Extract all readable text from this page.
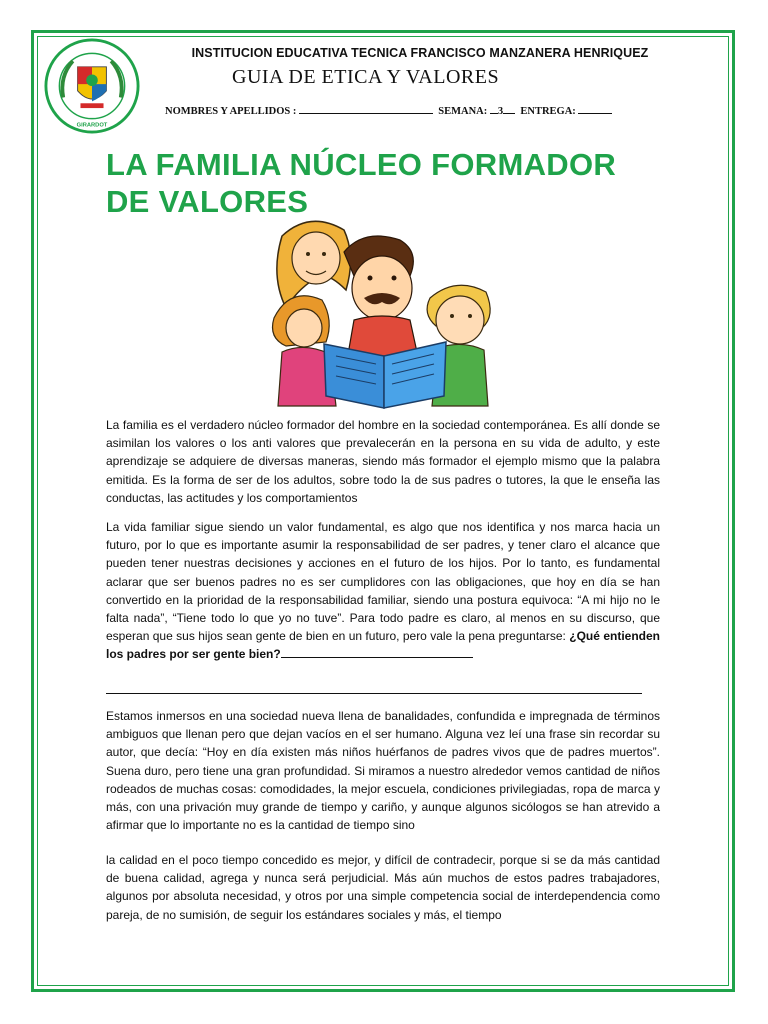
GIRARDOT
INSTITUCION EDUCATIVA TECNICA FRANCISCO MANZANERA HENRIQUEZ
GUIA DE ETICA Y VALORES
NOMBRES Y APELLIDOS :	SEMANA: 3 ENTREGA:
LA FAMILIA NÚCLEO FORMADOR DE VALORES

La familia es el verdadero núcleo formador del hombre en la sociedad contemporánea. Es allí donde se asimilan los valores o los anti valores que prevalecerán en la persona en su vida de adulto, y este aprendizaje se adquiere de diversas maneras, siendo más formador el ejemplo mismo que la palabra emitida. Es la forma de ser de los adultos, sobre todo la de sus padres o tutores, la que le enseña las conductas, las actitudes y los comportamientos

La vida familiar sigue siendo un valor fundamental, es algo que nos identifica y nos marca hacia un futuro, por lo que es importante asumir la responsabilidad de ser padres, y tener claro el alcance que pueden tener nuestras decisiones y acciones en el futuro de los hijos. Por lo tanto, es fundamental aclarar que ser buenos padres no es ser cumplidores con las obligaciones, que hoy en día se han convertido en la prioridad de la responsabilidad familiar, siendo una postura equivoca: “A mi hijo no le falta nada”, “Tiene todo lo que yo no tuve”. Para todo padre es claro, al menos en su discurso, que esperan que sus hijos sean gente de bien en un futuro, pero vale la pena preguntarse: ¿Qué entienden los padres por ser gente bien?

Estamos inmersos en una sociedad nueva llena de banalidades, confundida e impregnada de términos ambiguos que llenan pero que dejan vacíos en el ser humano. Alguna vez leí una frase sin recordar su autor, que decía: “Hoy en día existen más niños huérfanos de padres vivos que de padres muertos”. Suena duro, pero tiene una gran profundidad. Si miramos a nuestro alrededor vemos cantidad de niños rodeados de muchas cosas: comodidades, la mejor escuela, condiciones privilegiadas, ropa de marca y más, con una privación muy grande de tiempo y cariño, y aunque algunos sicólogos se han atrevido a afirmar que lo importante no es la cantidad de tiempo sino

la calidad en el poco tiempo concedido es mejor, y difícil de contradecir, porque si se da más cantidad de buena calidad, agrega y nunca será perjudicial. Más aún muchos de estos padres trabajadores, algunos por absoluta necesidad, y otros por una simple competencia social de interdependencia como pareja, de no sumisión, de seguir los estándares sociales y más, el tiempo
